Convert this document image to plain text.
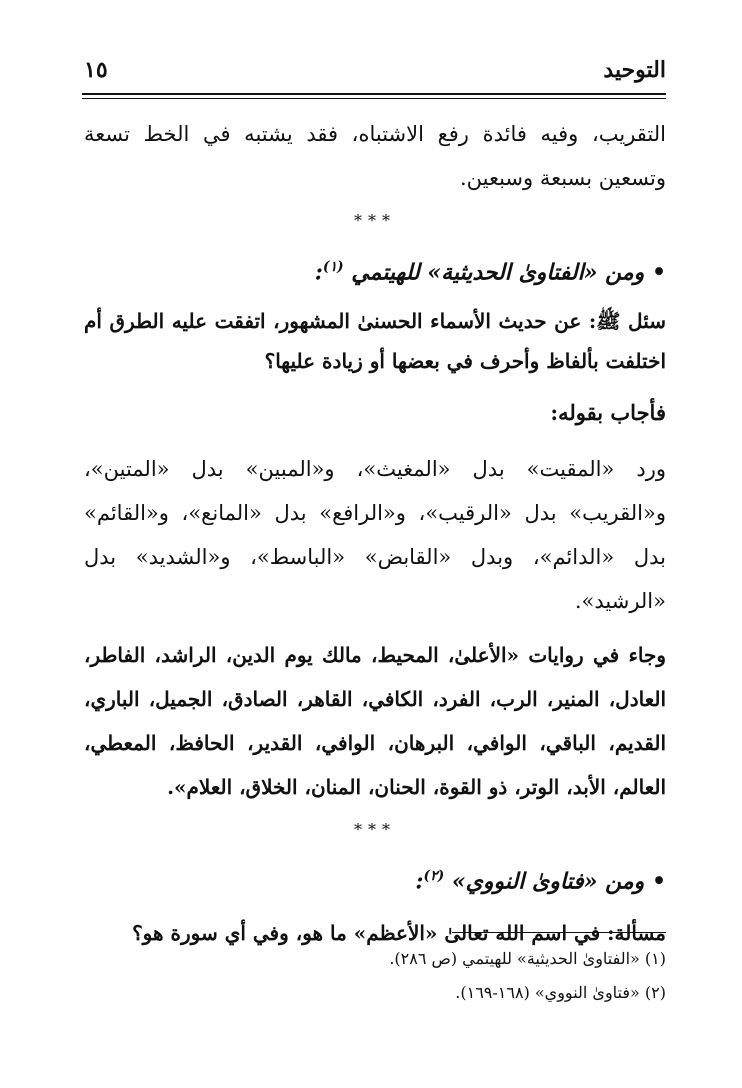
التوحيد
١٥

التقريب، وفيه فائدة رفع الاشتباه، فقد يشتبه في الخط تسعة وتسعين بسبعة وسبعين.

***

• ومن «الفتاوىٰ الحديثية» للهيتمي $^{(١)}$:

سئل ﷺ: عن حديث الأسماء الحسنىٰ المشهور، اتفقت عليه الطرق أم اختلفت بألفاظ وأحرف في بعضها أو زيادة عليها؟

فأجاب بقوله:

ورد «المقيت» بدل «المغيث»، و«المبين» بدل «المتين»، و«القريب» بدل «الرقيب»، و«الرافع» بدل «المانع»، و«القائم» بدل «الدائم»، وبدل «القابض» «الباسط»، و«الشديد» بدل «الرشيد».

وجاء في روايات «الأعلىٰ، المحيط، مالك يوم الدين، الراشد، الفاطر، العادل، المنير، الرب، الفرد، الكافي، القاهر، الصادق، الجميل، الباري، القديم، الباقي، الوافي، البرهان، الوافي، القدير، الحافظ، المعطي، العالم، الأبد، الوتر، ذو القوة، الحنان، المنان، الخلاق، العلام».

***

• ومن «فتاوىٰ النووي» $^{(٢)}$:

مسألة: في اسم الله تعالىٰ «الأعظم» ما هو، وفي أي سورة هو؟

(١) «الفتاوىٰ الحديثية» للهيتمي (ص ٢٨٦).
(٢) «فتاوىٰ النووي» (١٦٨-١٦٩).
